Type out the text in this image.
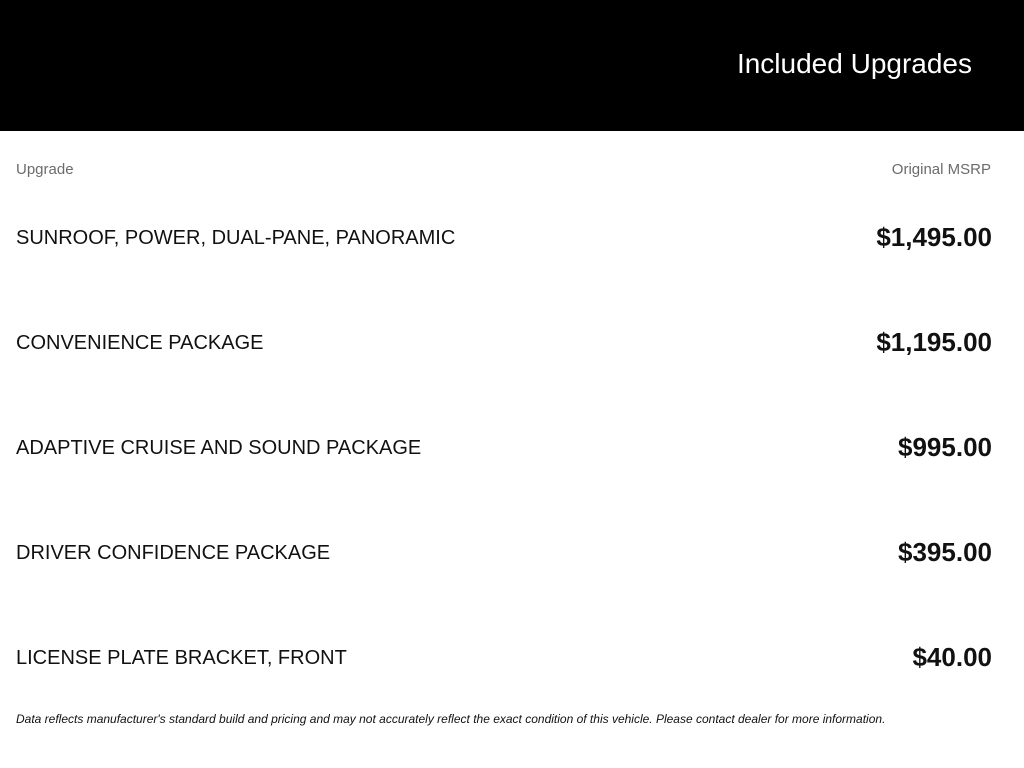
Included Upgrades
Upgrade	Original MSRP
SUNROOF, POWER, DUAL-PANE, PANORAMIC	$1,495.00
CONVENIENCE PACKAGE	$1,195.00
ADAPTIVE CRUISE AND SOUND PACKAGE	$995.00
DRIVER CONFIDENCE PACKAGE	$395.00
LICENSE PLATE BRACKET, FRONT	$40.00
Data reflects manufacturer's standard build and pricing and may not accurately reflect the exact condition of this vehicle. Please contact dealer for more information.
